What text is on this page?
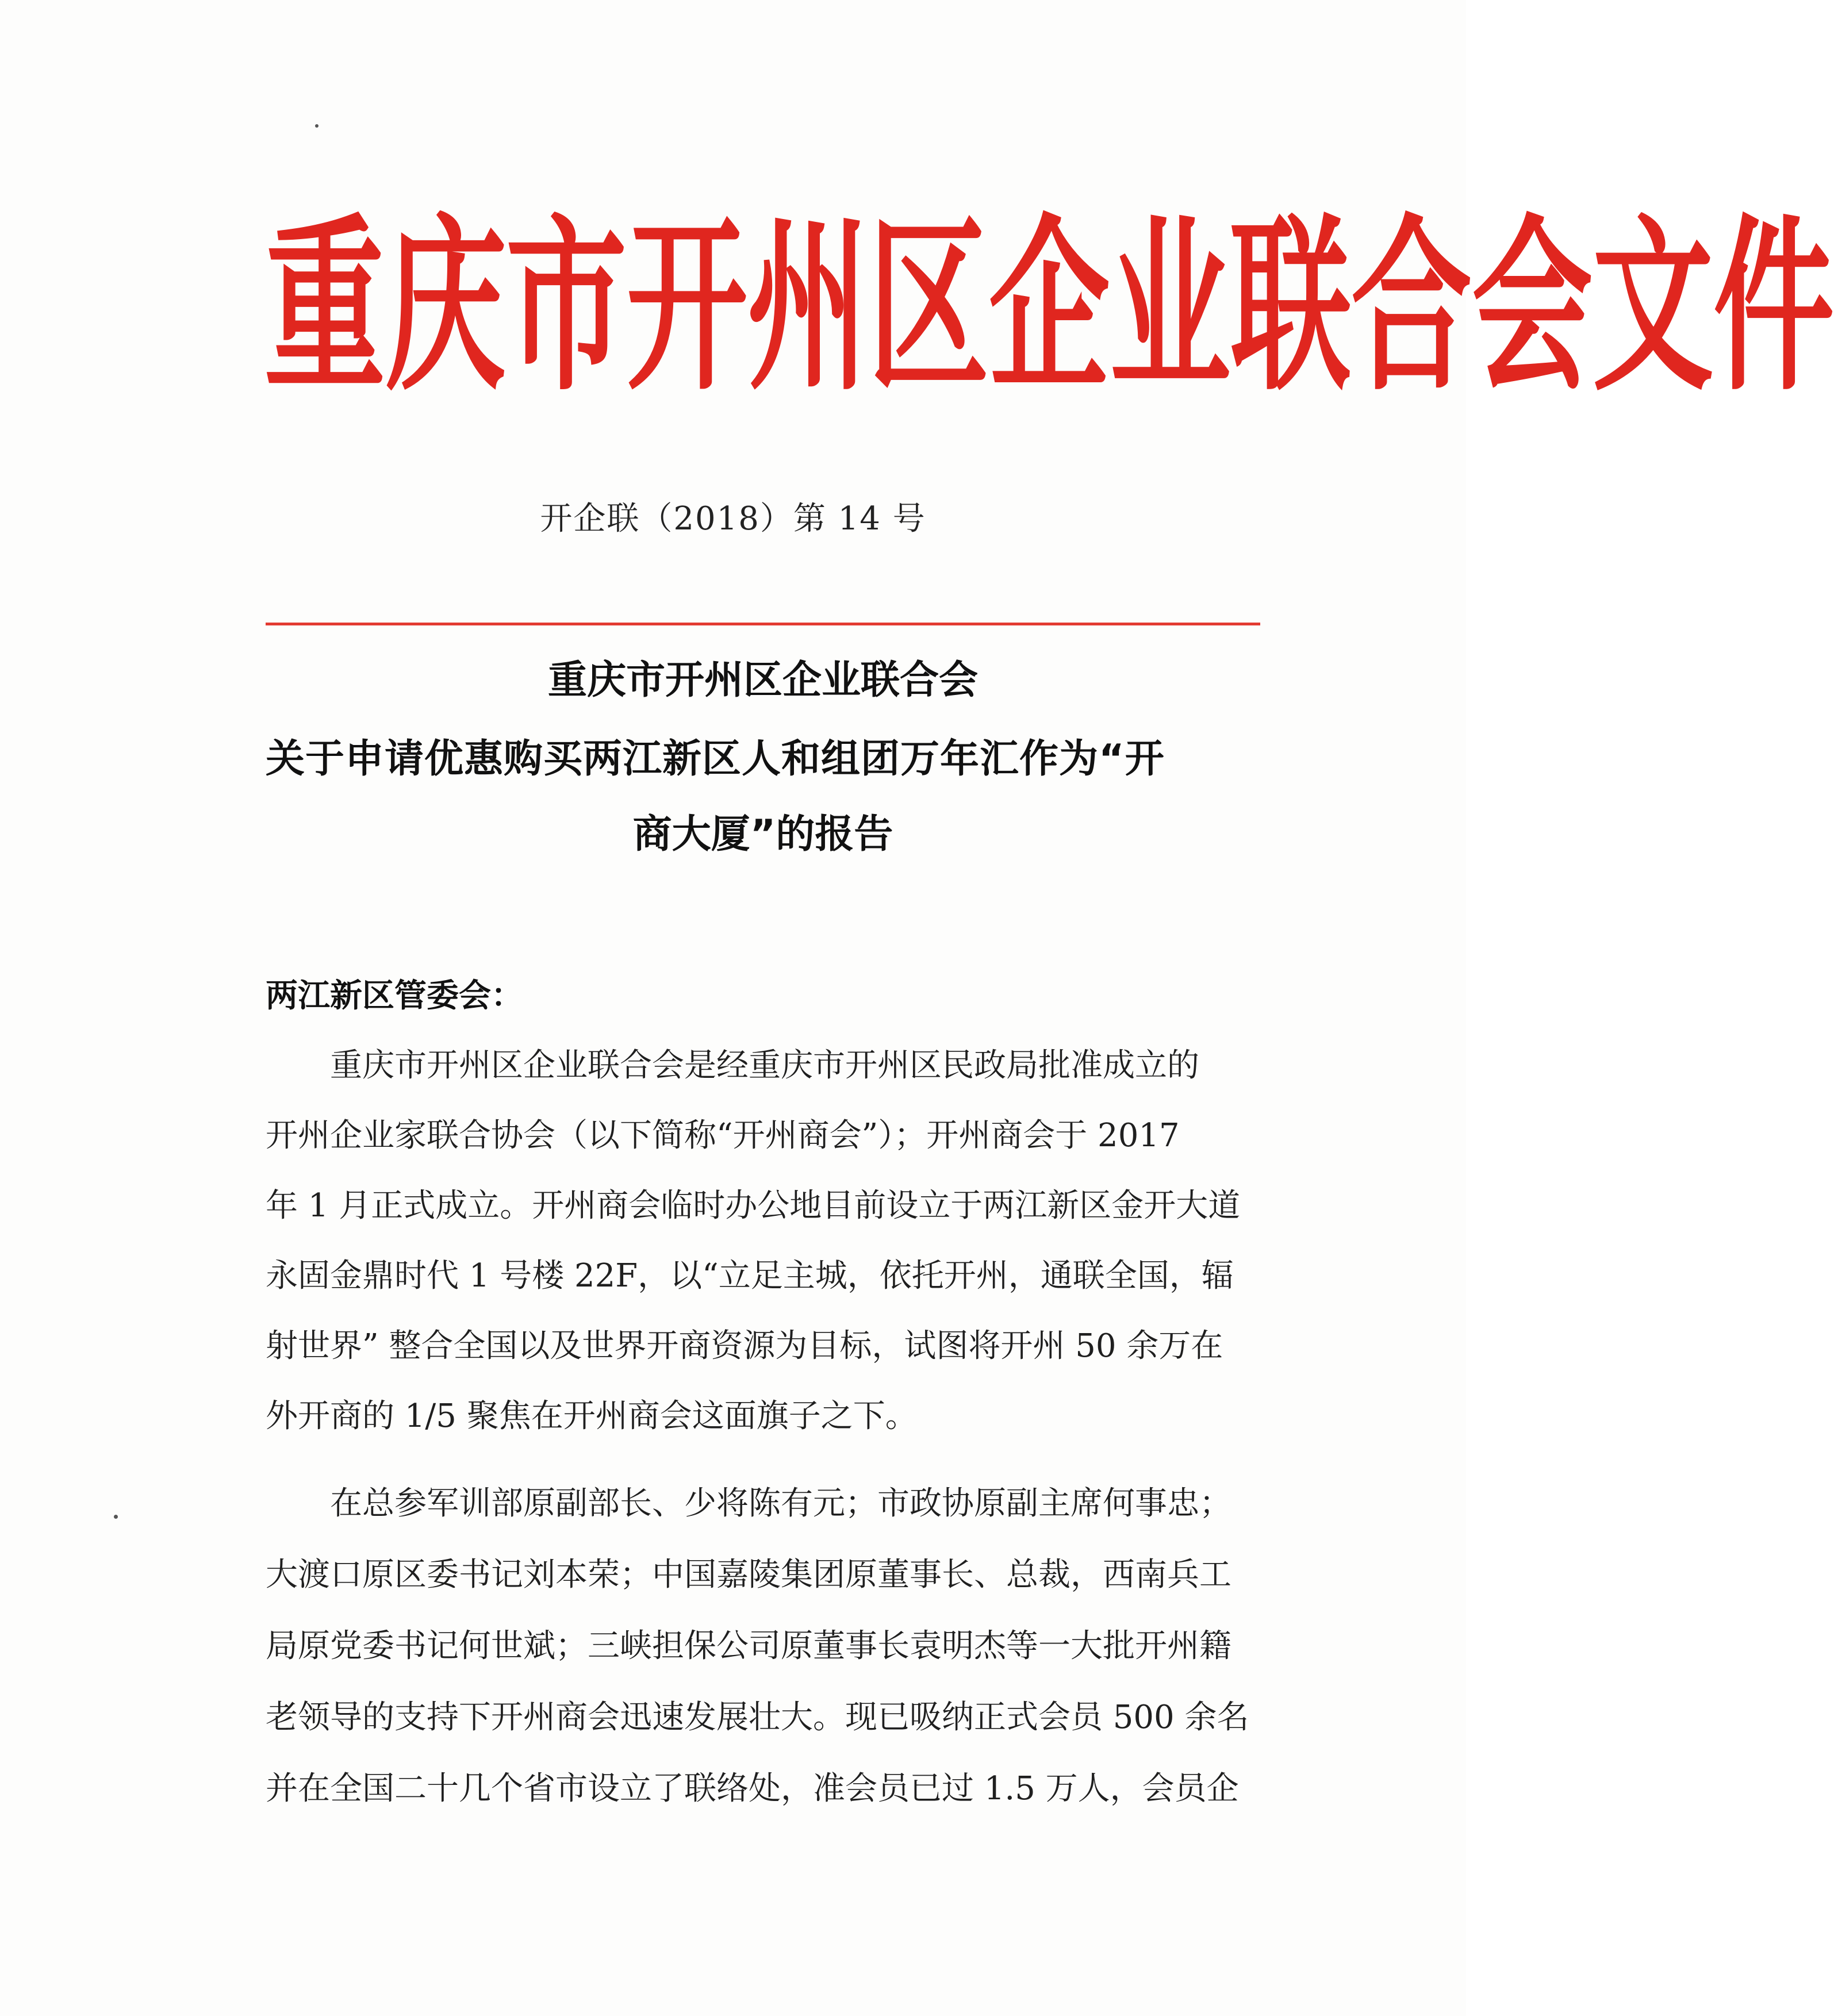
重 庆 市 开 州 区 企 业 联 合 会 文 件
开企联（2018）第 14 号
重庆市开州区企业联合会
关于申请优惠购买两江新区人和组团万年汇作为“开
商大厦”的报告
两江新区管委会：
重庆市开州区企业联合会是经重庆市开州区民政局批准成立的
开州企业家联合协会（以下简称“开州商会”）；开州商会于 2017
年 1 月正式成立。开州商会临时办公地目前设立于两江新区金开大道
永固金鼎时代 1 号楼 22F，以“立足主城，依托开州，通联全国，辐
射世界” 整合全国以及世界开商资源为目标，试图将开州 50 余万在
外开商的 1/5 聚焦在开州商会这面旗子之下。
在总参军训部原副部长、少将陈有元；市政协原副主席何事忠；
大渡口原区委书记刘本荣；中国嘉陵集团原董事长、总裁，西南兵工
局原党委书记何世斌；三峡担保公司原董事长袁明杰等一大批开州籍
老领导的支持下开州商会迅速发展壮大。现已吸纳正式会员 500 余名
并在全国二十几个省市设立了联络处，准会员已过 1.5 万人，会员企
